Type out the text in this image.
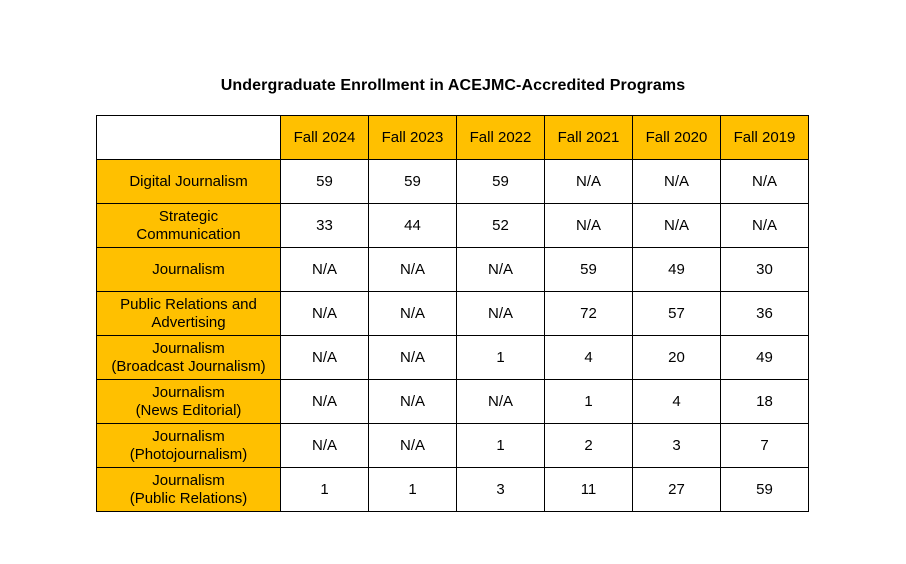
Undergraduate Enrollment in ACEJMC-Accredited Programs
	Fall 2024	Fall 2023	Fall 2022	Fall 2021	Fall 2020	Fall 2019

Digital Journalism	59	59	59	N/A	N/A	N/A

Strategic
Communication	33	44	52	N/A	N/A	N/A

Journalism	N/A	N/A	N/A	59	49	30

Public Relations and
Advertising	N/A	N/A	N/A	72	57	36

Journalism
(Broadcast Journalism)	N/A	N/A	1	4	20	49

Journalism
(News Editorial)	N/A	N/A	N/A	1	4	18

Journalism
(Photojournalism)	N/A	N/A	1	2	3	7

Journalism
(Public Relations)	1	1	3	11	27	59
